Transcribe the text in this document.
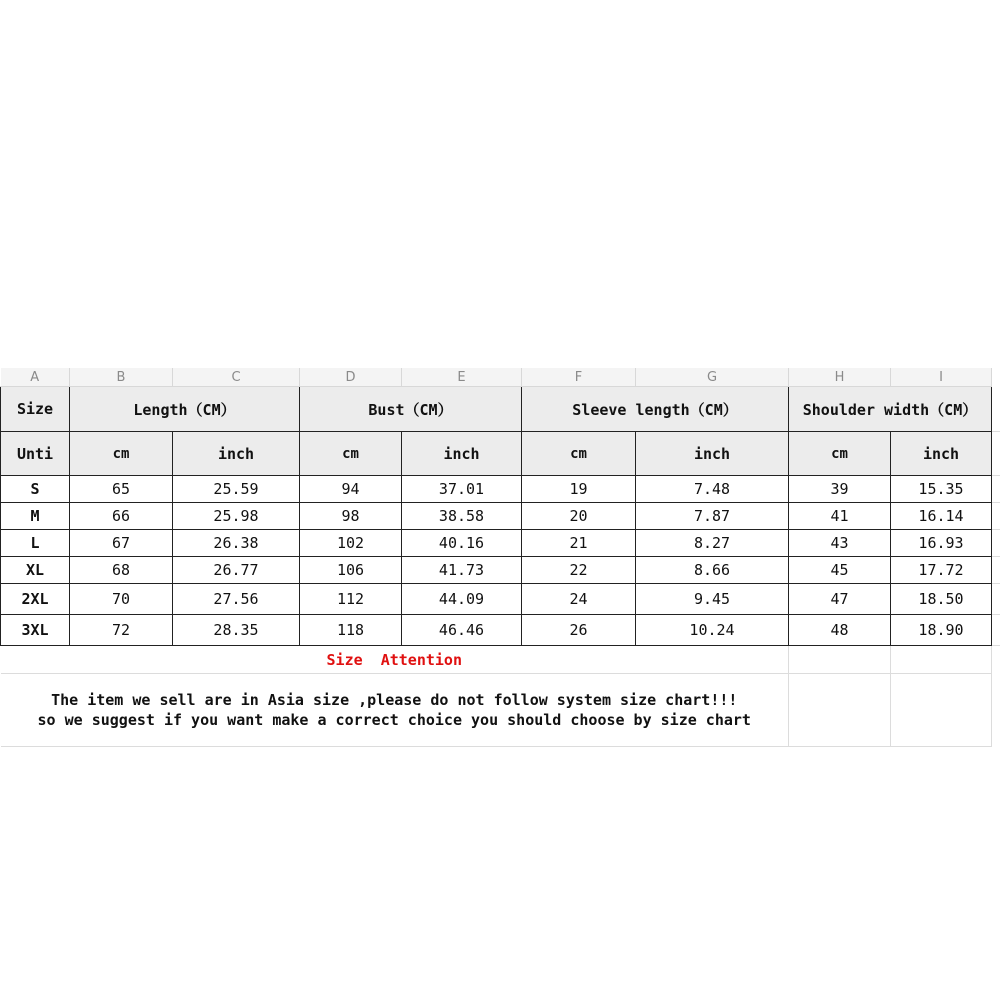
A	B	C	D	E	F	G	H	I	
Size	Length（CM）		Bust（CM）		Sleeve length（CM）		Shoulder width（CM）		
Unti	cm	inch	cm	inch	cm	inch	cm	inch	
S	65	25.59	94	37.01	19	7.48	39	15.35	
M	66	25.98	98	38.58	20	7.87	41	16.14	
L	67	26.38	102	40.16	21	8.27	43	16.93	
XL	68	26.77	106	41.73	22	8.66	45	17.72	
2XL	70	27.56	112	44.09	24	9.45	47	18.50	
3XL	72	28.35	118	46.46	26	10.24	48	18.90	
Size  Attention									

The item we sell are in Asia size ,please do not follow system size chart!!!
so we suggest if you want make a correct choice you should choose by size chart									
